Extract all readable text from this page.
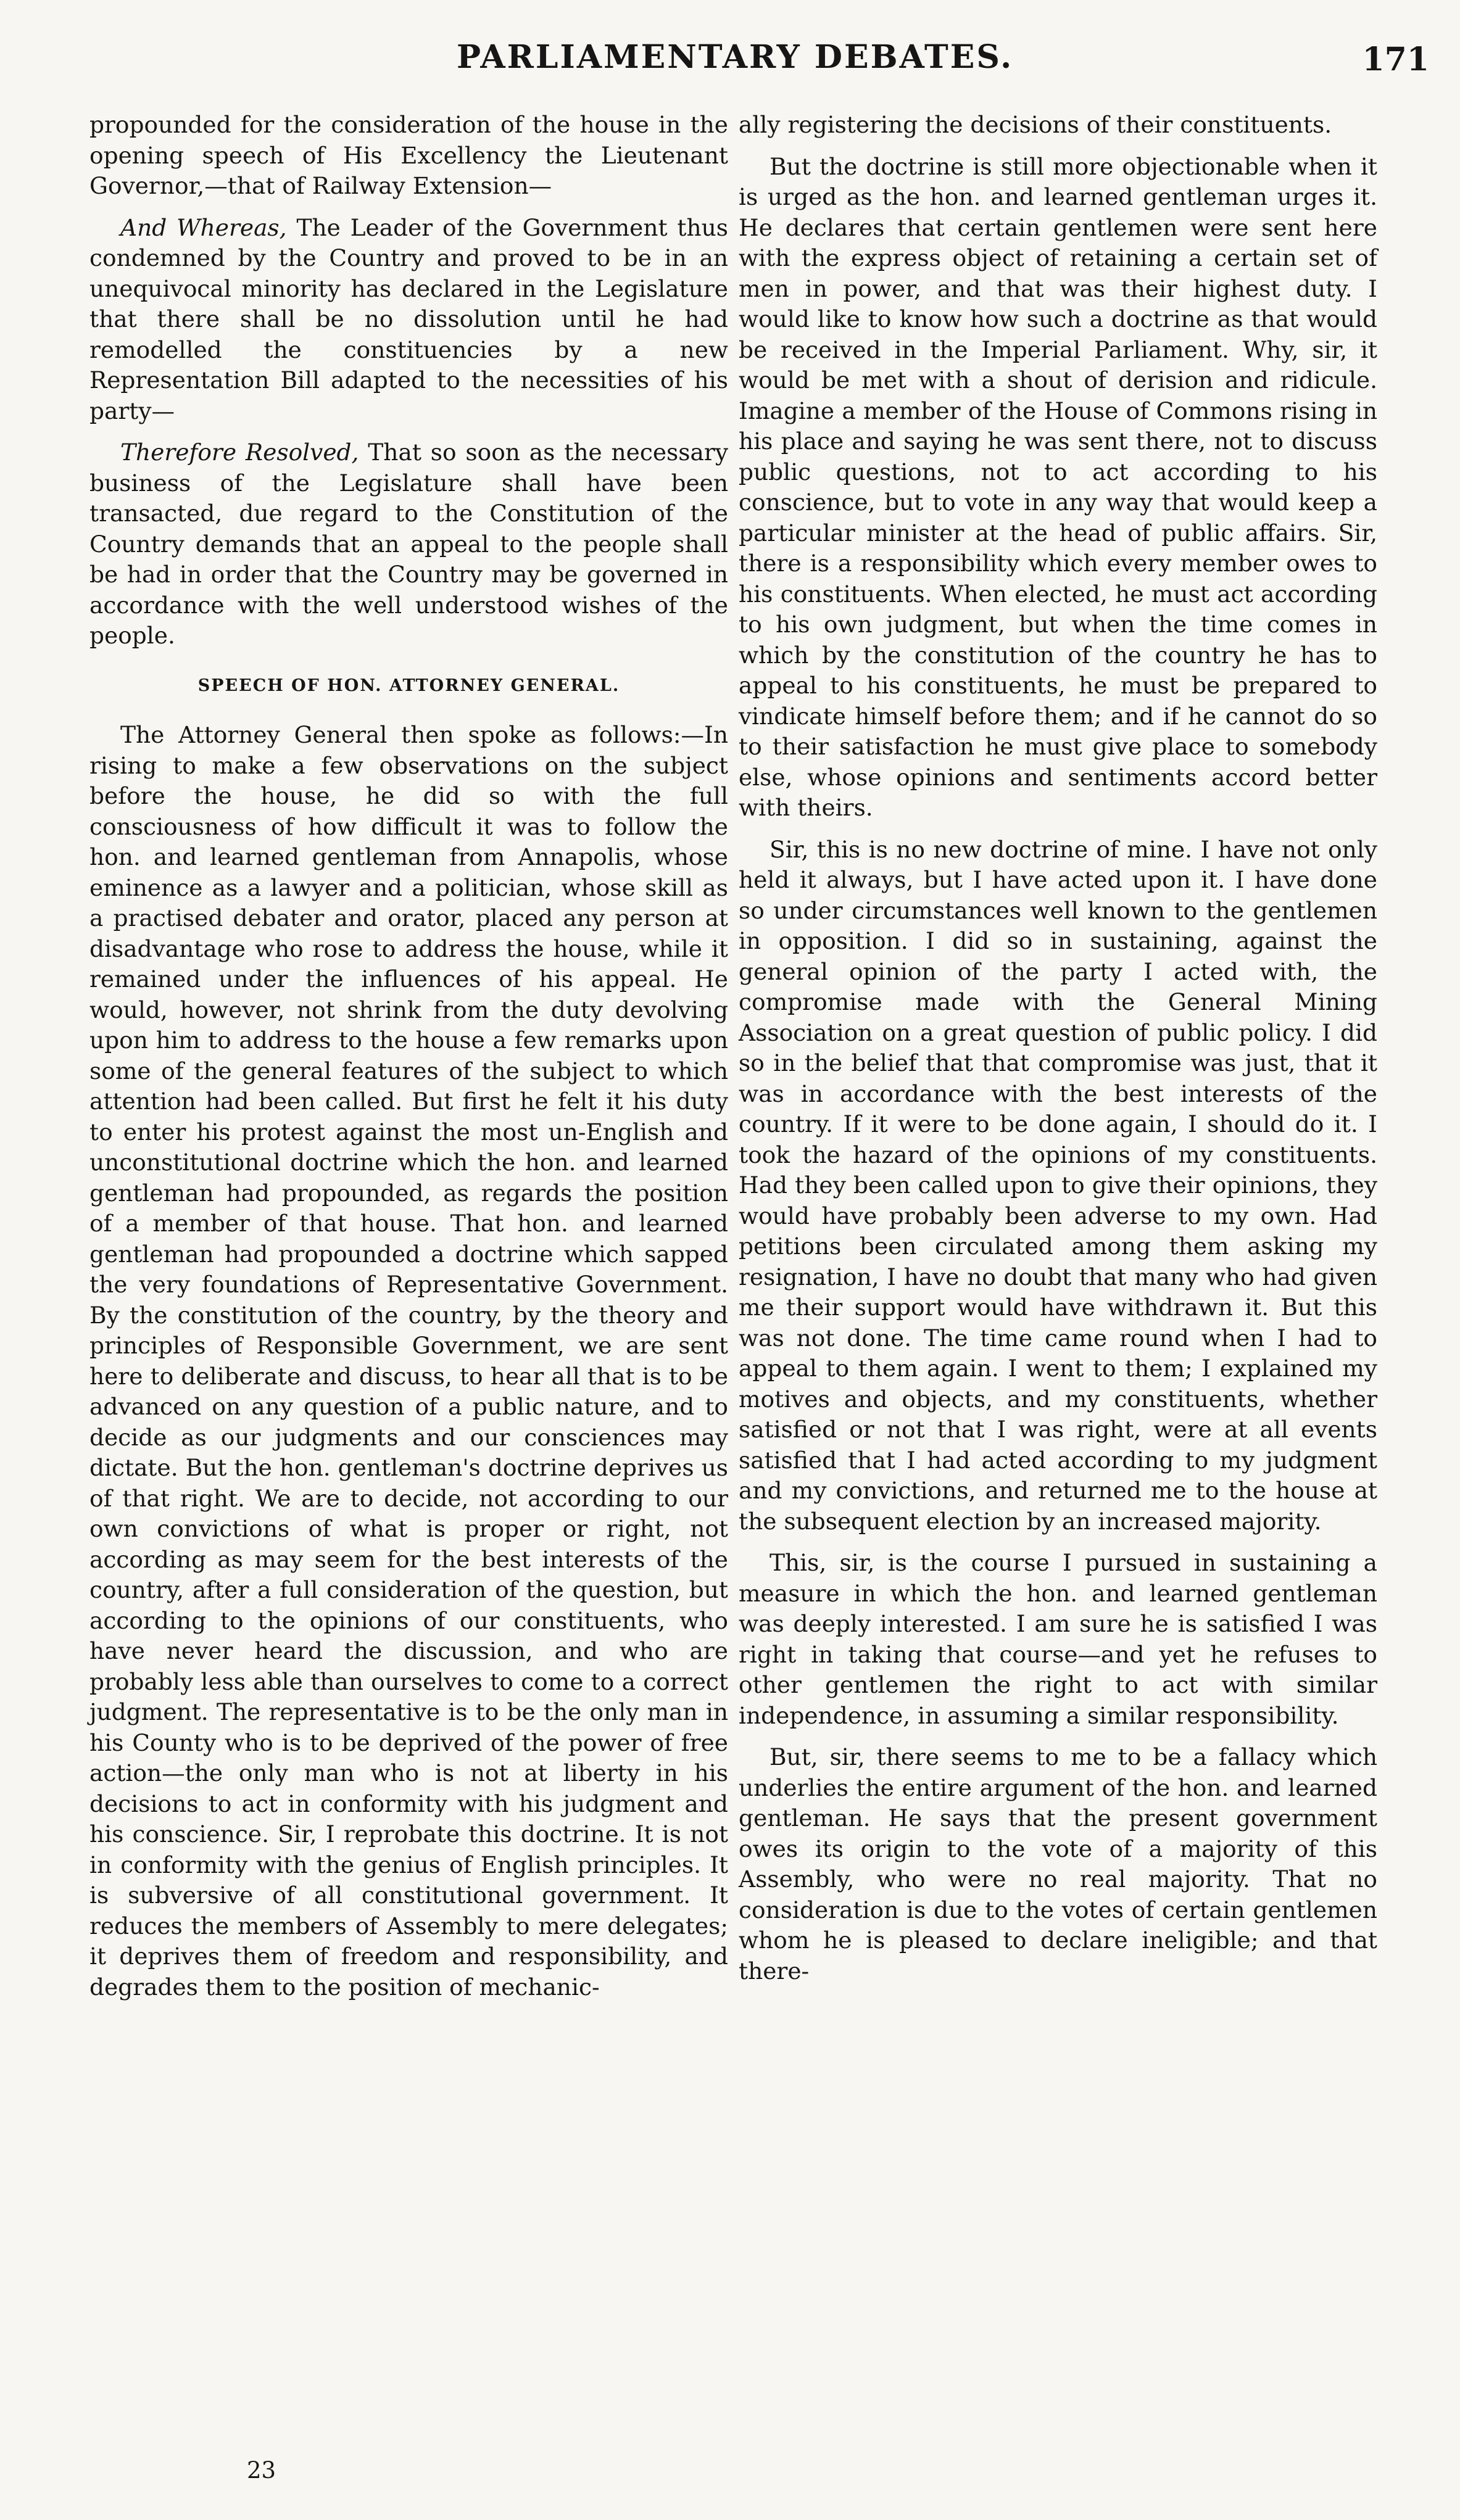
PARLIAMENTARY DEBATES.	171

propounded for the consideration of the house in the opening speech of His Excellency the Lieutenant Governor,—that of Railway Extension—

And Whereas, The Leader of the Government thus condemned by the Country and proved to be in an unequivocal minority has declared in the Legislature that there shall be no dissolution until he had remodelled the constituencies by a new Representation Bill adapted to the necessities of his party—

Therefore Resolved, That so soon as the necessary business of the Legislature shall have been transacted, due regard to the Constitution of the Country demands that an appeal to the people shall be had in order that the Country may be governed in accordance with the well understood wishes of the people.

SPEECH OF HON. ATTORNEY GENERAL.

The Attorney General then spoke as follows:—In rising to make a few observations on the subject before the house, he did so with the full consciousness of how difficult it was to follow the hon. and learned gentleman from Annapolis, whose eminence as a lawyer and a politician, whose skill as a practised debater and orator, placed any person at disadvantage who rose to address the house, while it remained under the influences of his appeal. He would, however, not shrink from the duty devolving upon him to address to the house a few remarks upon some of the general features of the subject to which attention had been called. But first he felt it his duty to enter his protest against the most un-English and unconstitutional doctrine which the hon. and learned gentleman had propounded, as regards the position of a member of that house. That hon. and learned gentleman had propounded a doctrine which sapped the very foundations of Representative Government. By the constitution of the country, by the theory and principles of Responsible Government, we are sent here to deliberate and discuss, to hear all that is to be advanced on any question of a public nature, and to decide as our judgments and our consciences may dictate. But the hon. gentleman's doctrine deprives us of that right. We are to decide, not according to our own convictions of what is proper or right, not according as may seem for the best interests of the country, after a full consideration of the question, but according to the opinions of our constituents, who have never heard the discussion, and who are probably less able than ourselves to come to a correct judgment. The representative is to be the only man in his County who is to be deprived of the power of free action—the only man who is not at liberty in his decisions to act in conformity with his judgment and his conscience. Sir, I reprobate this doctrine. It is not in conformity with the genius of English principles. It is subversive of all constitutional government. It reduces the members of Assembly to mere delegates; it deprives them of freedom and responsibility, and degrades them to the position of mechanic-

ally registering the decisions of their constituents.

But the doctrine is still more objectionable when it is urged as the hon. and learned gentleman urges it. He declares that certain gentlemen were sent here with the express object of retaining a certain set of men in power, and that was their highest duty. I would like to know how such a doctrine as that would be received in the Imperial Parliament. Why, sir, it would be met with a shout of derision and ridicule. Imagine a member of the House of Commons rising in his place and saying he was sent there, not to discuss public questions, not to act according to his conscience, but to vote in any way that would keep a particular minister at the head of public affairs. Sir, there is a responsibility which every member owes to his constituents. When elected, he must act according to his own judgment, but when the time comes in which by the constitution of the country he has to appeal to his constituents, he must be prepared to vindicate himself before them; and if he cannot do so to their satisfaction he must give place to somebody else, whose opinions and sentiments accord better with theirs.

Sir, this is no new doctrine of mine. I have not only held it always, but I have acted upon it. I have done so under circumstances well known to the gentlemen in opposition. I did so in sustaining, against the general opinion of the party I acted with, the compromise made with the General Mining Association on a great question of public policy. I did so in the belief that that compromise was just, that it was in accordance with the best interests of the country. If it were to be done again, I should do it. I took the hazard of the opinions of my constituents. Had they been called upon to give their opinions, they would have probably been adverse to my own. Had petitions been circulated among them asking my resignation, I have no doubt that many who had given me their support would have withdrawn it. But this was not done. The time came round when I had to appeal to them again. I went to them; I explained my motives and objects, and my constituents, whether satisfied or not that I was right, were at all events satisfied that I had acted according to my judgment and my convictions, and returned me to the house at the subsequent election by an increased majority.

This, sir, is the course I pursued in sustaining a measure in which the hon. and learned gentleman was deeply interested. I am sure he is satisfied I was right in taking that course—and yet he refuses to other gentlemen the right to act with similar independence, in assuming a similar responsibility.

But, sir, there seems to me to be a fallacy which underlies the entire argument of the hon. and learned gentleman. He says that the present government owes its origin to the vote of a majority of this Assembly, who were no real majority. That no consideration is due to the votes of certain gentlemen whom he is pleased to declare ineligible; and that there-

23
